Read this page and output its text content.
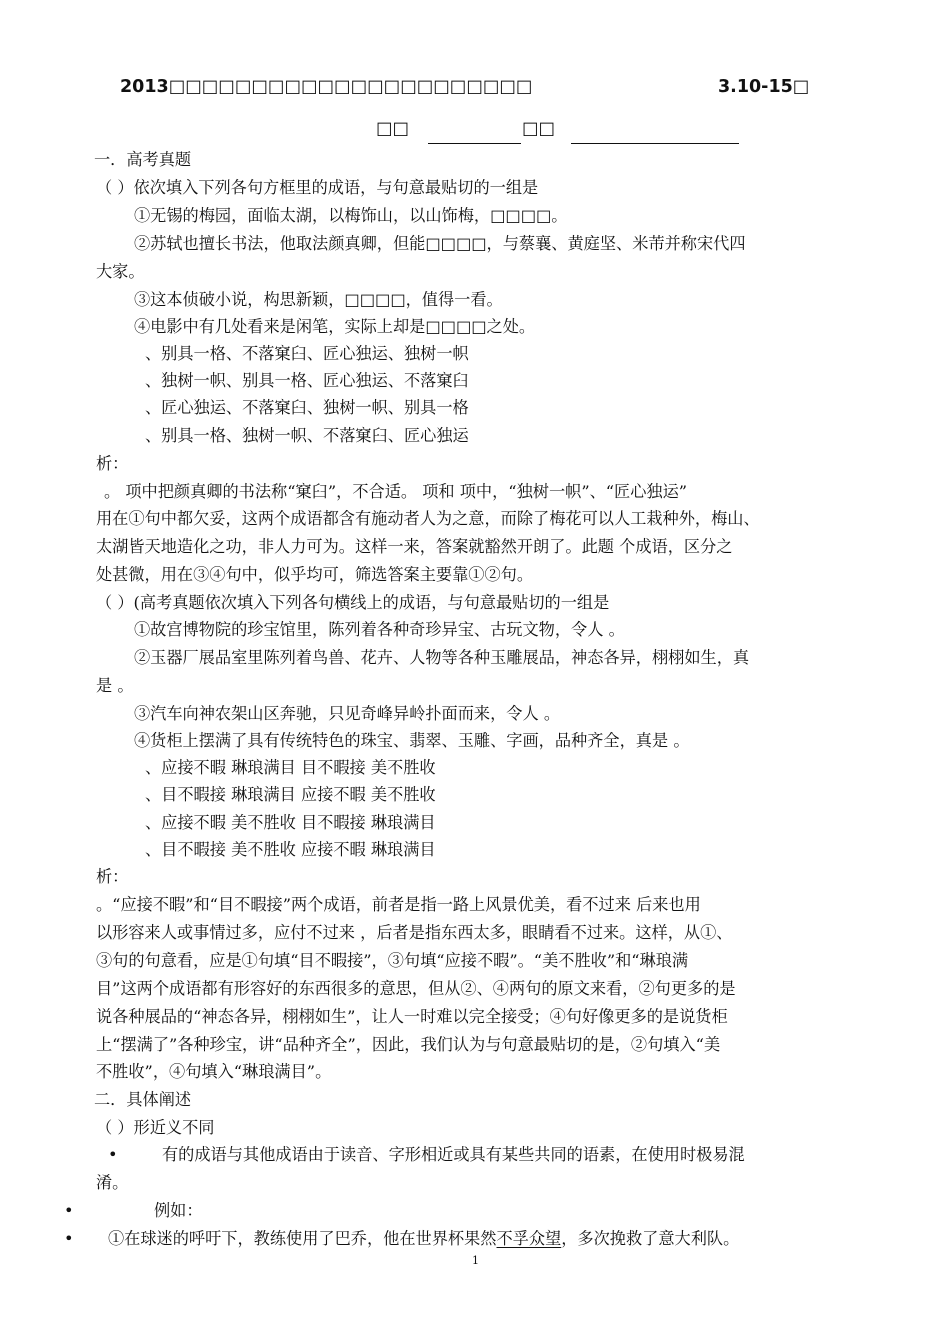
2013□□□□□□□□□□□□□□□□□□□□□□	3.10-15□
□□	□□
一．高考真题
（ ）依次填入下列各句方框里的成语，与句意最贴切的一组是
①无锡的梅园，面临太湖，以梅饰山，以山饰梅，□□□□。
②苏轼也擅长书法，他取法颜真卿，但能□□□□，与蔡襄、黄庭坚、米芾并称宋代四
大家。
③这本侦破小说，构思新颖，□□□□，值得一看。
④电影中有几处看来是闲笔，实际上却是□□□□之处。
、别具一格、不落窠臼、匠心独运、独树一帜
、独树一帜、别具一格、匠心独运、不落窠臼
、匠心独运、不落窠臼、独树一帜、别具一格
、别具一格、独树一帜、不落窠臼、匠心独运
析：
。 项中把颜真卿的书法称“窠臼”，不合适。 项和 项中，“独树一帜”、“匠心独运”
用在①句中都欠妥，这两个成语都含有施动者人为之意，而除了梅花可以人工栽种外，梅山、
太湖皆天地造化之功，非人力可为。这样一来，答案就豁然开朗了。此题 个成语，区分之
处甚微，用在③④句中，似乎均可，筛选答案主要靠①②句。
（ ）(高考真题依次填入下列各句横线上的成语，与句意最贴切的一组是
①故宫博物院的珍宝馆里，陈列着各种奇珍异宝、古玩文物，令人 。
②玉器厂展品室里陈列着鸟兽、花卉、人物等各种玉雕展品，神态各异，栩栩如生，真
是 。
③汽车向神农架山区奔驰，只见奇峰异岭扑面而来，令人 。
④货柜上摆满了具有传统特色的珠宝、翡翠、玉雕、字画，品种齐全，真是 。
、应接不暇 琳琅满目 目不暇接 美不胜收
、目不暇接 琳琅满目 应接不暇 美不胜收
、应接不暇 美不胜收 目不暇接 琳琅满目
、目不暇接 美不胜收 应接不暇 琳琅满目
析：
。“应接不暇”和“目不暇接”两个成语，前者是指一路上风景优美，看不过来 后来也用
以形容来人或事情过多，应付不过来 ，后者是指东西太多，眼睛看不过来。这样，从①、
③句的句意看，应是①句填“目不暇接”，③句填“应接不暇”。“美不胜收”和“琳琅满
目”这两个成语都有形容好的东西很多的意思，但从②、④两句的原文来看，②句更多的是
说各种展品的“神态各异，栩栩如生”，让人一时难以完全接受；④句好像更多的是说货柜
上“摆满了”各种珍宝，讲“品种齐全”，因此，我们认为与句意最贴切的是，②句填入“美
不胜收”，④句填入“琳琅满目”。
二．具体阐述
（ ）形近义不同
•	有的成语与其他成语由于读音、字形相近或具有某些共同的语素，在使用时极易混
淆。
•	例如：
• ①在球迷的呼吁下，教练使用了巴乔，他在世界杯果然不孚众望，多次挽救了意大利队。
1
